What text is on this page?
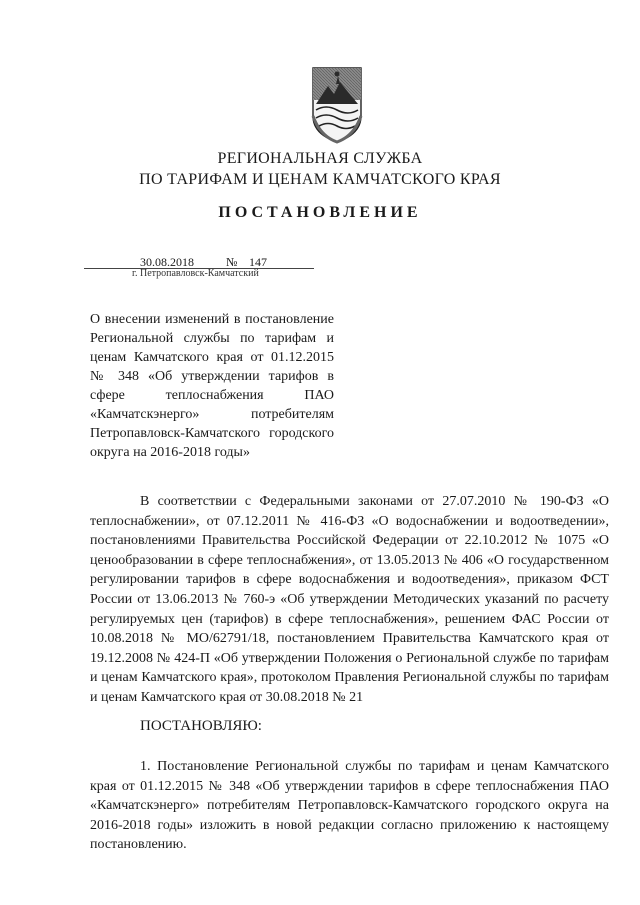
РЕГИОНАЛЬНАЯ СЛУЖБА
ПО ТАРИФАМ И ЦЕНАМ КАМЧАТСКОГО КРАЯ
ПОСТАНОВЛЕНИЕ
30.08.2018	№ 147
г. Петропавловск-Камчатский
О внесении изменений в постановление Региональной службы по тарифам и ценам Камчатского края от 01.12.2015 № 348 «Об утверждении тарифов в сфере теплоснабжения ПАО «Камчатскэнерго» потребителям Петропавловск-Камчатского городского округа на 2016-2018 годы»
В соответствии с Федеральными законами от 27.07.2010 № 190-ФЗ «О теплоснабжении», от 07.12.2011 № 416-ФЗ «О водоснабжении и водоотведении», постановлениями Правительства Российской Федерации от 22.10.2012 № 1075 «О ценообразовании в сфере теплоснабжения», от 13.05.2013 № 406 «О государственном регулировании тарифов в сфере водоснабжения и водоотведения», приказом ФСТ России от 13.06.2013 № 760-э «Об утверждении Методических указаний по расчету регулируемых цен (тарифов) в сфере теплоснабжения», решением ФАС России от 10.08.2018 № МО/62791/18, постановлением Правительства Камчатского края от 19.12.2008 № 424-П «Об утверждении Положения о Региональной службе по тарифам и ценам Камчатского края», протоколом Правления Региональной службы по тарифам и ценам Камчатского края от 30.08.2018 № 21
ПОСТАНОВЛЯЮ:
1. Постановление Региональной службы по тарифам и ценам Камчатского края от 01.12.2015 № 348 «Об утверждении тарифов в сфере теплоснабжения ПАО «Камчатскэнерго» потребителям Петропавловск-Камчатского городского округа на 2016-2018 годы» изложить в новой редакции согласно приложению к настоящему постановлению.
